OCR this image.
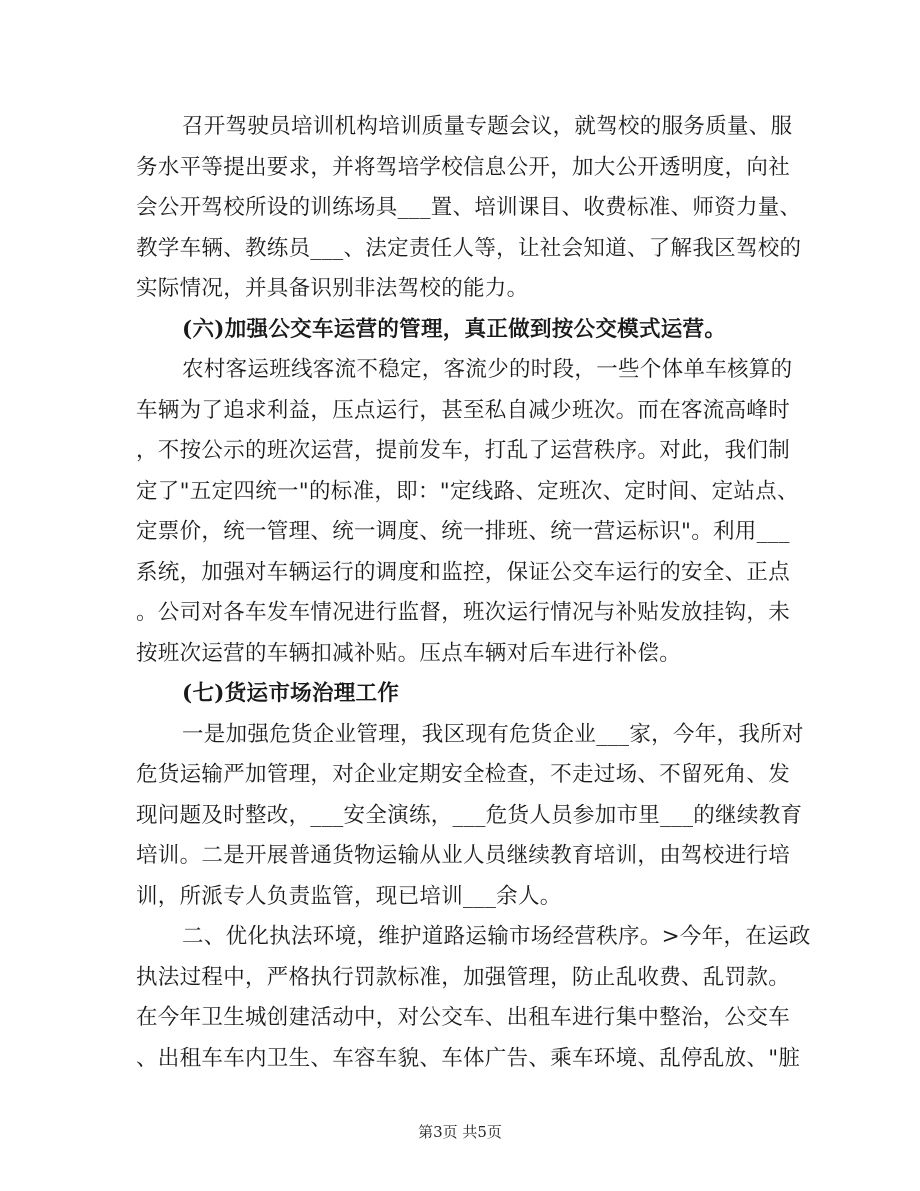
召开驾驶员培训机构培训质量专题会议，就驾校的服务质量、服
务水平等提出要求，并将驾培学校信息公开，加大公开透明度，向社
会公开驾校所设的训练场具___置、培训课目、收费标准、师资力量、
教学车辆、教练员___、法定责任人等，让社会知道、了解我区驾校的
实际情况，并具备识别非法驾校的能力。
(六)加强公交车运营的管理，真正做到按公交模式运营。
农村客运班线客流不稳定，客流少的时段，一些个体单车核算的
车辆为了追求利益，压点运行，甚至私自减少班次。而在客流高峰时
，不按公示的班次运营，提前发车，打乱了运营秩序。对此，我们制
定了"五定四统一"的标准，即："定线路、定班次、定时间、定站点、
定票价，统一管理、统一调度、统一排班、统一营运标识"。利用___
系统，加强对车辆运行的调度和监控，保证公交车运行的安全、正点
。公司对各车发车情况进行监督，班次运行情况与补贴发放挂钩，未
按班次运营的车辆扣减补贴。压点车辆对后车进行补偿。
(七)货运市场治理工作
一是加强危货企业管理，我区现有危货企业___家，今年，我所对
危货运输严加管理，对企业定期安全检查，不走过场、不留死角、发
现问题及时整改，___安全演练，___危货人员参加市里___的继续教育
培训。二是开展普通货物运输从业人员继续教育培训，由驾校进行培
训，所派专人负责监管，现已培训___余人。
二、优化执法环境，维护道路运输市场经营秩序。>今年，在运政
执法过程中，严格执行罚款标准，加强管理，防止乱收费、乱罚款。
在今年卫生城创建活动中，对公交车、出租车进行集中整治，公交车
、出租车车内卫生、车容车貌、车体广告、乘车环境、乱停乱放、"脏
第3页 共5页
